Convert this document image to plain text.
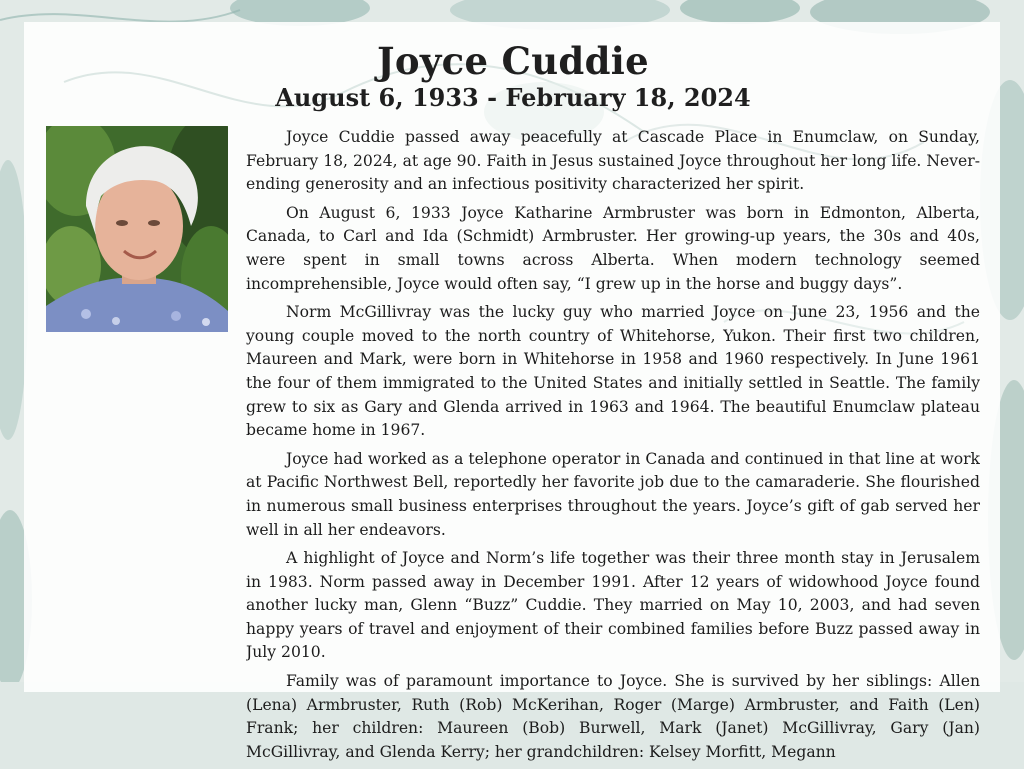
Joyce Cuddie
August 6, 1933 - February 18, 2024

Joyce Cuddie passed away peacefully at Cascade Place in Enumclaw, on Sunday, February 18, 2024, at age 90. Faith in Jesus sustained Joyce throughout her long life. Never-ending generosity and an infectious positivity characterized her spirit.

On August 6, 1933 Joyce Katharine Armbruster was born in Edmonton, Alberta, Canada, to Carl and Ida (Schmidt) Armbruster. Her growing-up years, the 30s and 40s, were spent in small towns across Alberta. When modern technology seemed incomprehensible, Joyce would often say, “I grew up in the horse and buggy days”.

Norm McGillivray was the lucky guy who married Joyce on June 23, 1956 and the young couple moved to the north country of Whitehorse, Yukon. Their first two children, Maureen and Mark, were born in Whitehorse in 1958 and 1960 respectively. In June 1961 the four of them immigrated to the United States and initially settled in Seattle. The family grew to six as Gary and Glenda arrived in 1963 and 1964. The beautiful Enumclaw plateau became home in 1967.

Joyce had worked as a telephone operator in Canada and continued in that line at work at Pacific Northwest Bell, reportedly her favorite job due to the camaraderie. She flourished in numerous small business enterprises throughout the years. Joyce’s gift of gab served her well in all her endeavors.

A highlight of Joyce and Norm’s life together was their three month stay in Jerusalem in 1983. Norm passed away in December 1991. After 12 years of widowhood Joyce found another lucky man, Glenn “Buzz” Cuddie. They married on May 10, 2003, and had seven happy years of travel and enjoyment of their combined families before Buzz passed away in July 2010.

Family was of paramount importance to Joyce. She is survived by her siblings: Allen (Lena) Armbruster, Ruth (Rob) McKerihan, Roger (Marge) Armbruster, and Faith (Len) Frank; her children: Maureen (Bob) Burwell, Mark (Janet) McGillivray, Gary (Jan) McGillivray, and Glenda Kerry; her grandchildren: Kelsey Morfitt, Megann
